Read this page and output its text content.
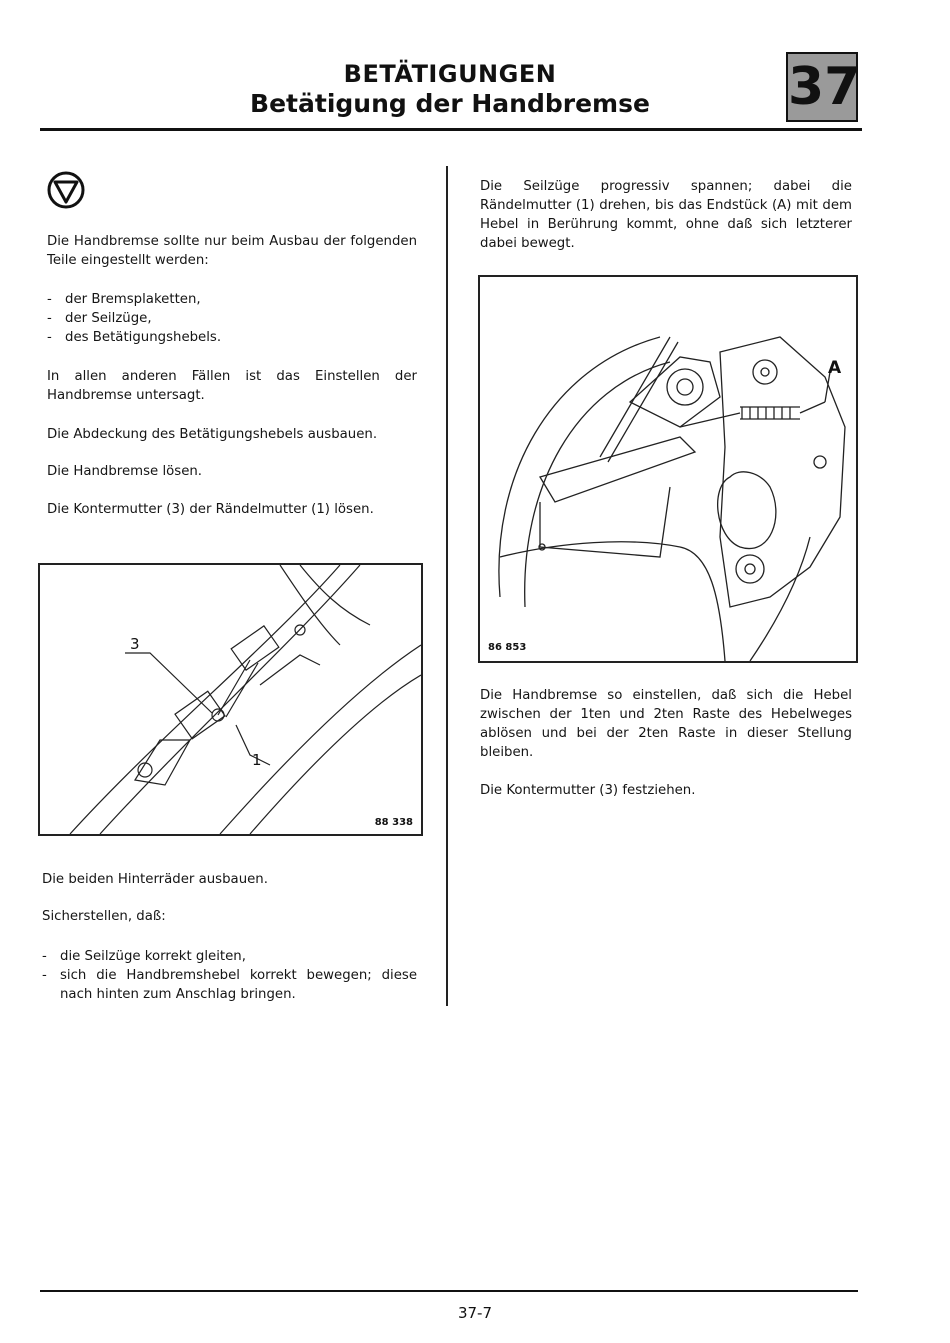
BETÄTIGUNGEN
Betätigung der Handbremse	37
Die Handbremse sollte nur beim Ausbau der folgenden Teile eingestellt werden:
- der Bremsplaketten,
- der Seilzüge,
- des Betätigungshebels.
In allen anderen Fällen ist das Einstellen der Handbremse untersagt.
Die Abdeckung des Betätigungshebels ausbauen.
Die Handbremse lösen.
Die Kontermutter (3) der Rändelmutter (1) lösen.
3
1
88 338
Die beiden Hinterräder ausbauen.
Sicherstellen, daß:
- die Seilzüge korrekt gleiten,
- sich die Handbremshebel korrekt bewegen; diese nach hinten zum Anschlag bringen.
Die Seilzüge progressiv spannen; dabei die Rändelmutter (1) drehen, bis das Endstück (A) mit dem Hebel in Berührung kommt, ohne daß sich letzterer dabei bewegt.
A
86 853
Die Handbremse so einstellen, daß sich die Hebel zwischen der 1ten und 2ten Raste des Hebelweges ablösen und bei der 2ten Raste in dieser Stellung bleiben.
Die Kontermutter (3) festziehen.
37-7
